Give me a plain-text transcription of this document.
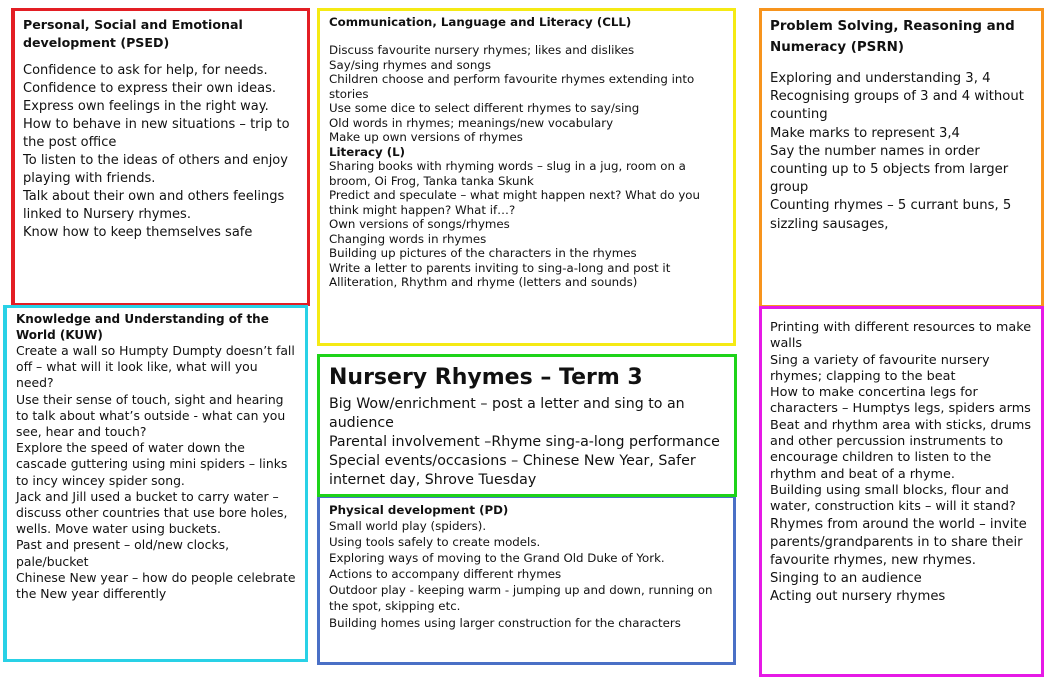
Personal, Social and Emotional development (PSED)

Confidence to ask for help, for needs.
Confidence to express their own ideas.
Express own feelings in the right way.
How to behave in new situations – trip to the post office
To listen to the ideas of others and enjoy playing with friends.
Talk about their own and others feelings linked to Nursery rhymes.
Know how to keep themselves safe

Communication, Language and Literacy (CLL)

Discuss favourite nursery rhymes; likes and dislikes
Say/sing rhymes and songs
Children choose and perform favourite rhymes extending into stories
Use some dice to select different rhymes to say/sing
Old words in rhymes; meanings/new vocabulary
Make up own versions of rhymes
Literacy (L)
Sharing books with rhyming words – slug in a jug, room on a broom, Oi Frog, Tanka tanka Skunk
Predict and speculate – what might happen next? What do you think might happen? What if…?
Own versions of songs/rhymes
Changing words in rhymes
Building up pictures of the characters in the rhymes
Write a letter to parents inviting to sing-a-long and post it
Alliteration, Rhythm and rhyme (letters and sounds)

Problem Solving, Reasoning and Numeracy (PSRN)

Exploring and understanding 3, 4
Recognising groups of 3 and 4 without counting
Make marks to represent 3,4
Say the number names in order counting up to 5 objects from larger group
Counting rhymes – 5 currant buns, 5 sizzling sausages,

Knowledge and Understanding of the World (KUW)

Create a wall so Humpty Dumpty doesn’t fall off – what will it look like, what will you need?
Use their sense of touch, sight and hearing to talk about what’s outside - what can you see, hear and touch?
Explore the speed of water down the cascade guttering using mini spiders – links to incy wincey spider song.
Jack and Jill used a bucket to carry water – discuss other countries that use bore holes, wells. Move water using buckets.
Past and present – old/new clocks, pale/bucket
Chinese New year – how do people celebrate the New year differently
Nursery Rhymes – Term 3
Big Wow/enrichment – post a letter and sing to an audience
Parental involvement –Rhyme sing-a-long performance
Special events/occasions – Chinese New Year, Safer internet day, Shrove Tuesday

Physical development (PD)

Small world play (spiders).
Using tools safely to create models.
Exploring ways of moving to the Grand Old Duke of York.
Actions to accompany different rhymes
Outdoor play - keeping warm - jumping up and down, running on the spot, skipping etc.
Building homes using larger construction for the characters
Printing with different resources to make walls
Sing a variety of favourite nursery rhymes; clapping to the beat
How to make concertina legs for characters – Humptys legs, spiders arms
Beat and rhythm area with sticks, drums and other percussion instruments to encourage children to listen to the rhythm and beat of a rhyme.
Building using small blocks, flour and water, construction kits – will it stand?
Rhymes from around the world – invite parents/grandparents in to share their favourite rhymes, new rhymes.
Singing to an audience
Acting out nursery rhymes
